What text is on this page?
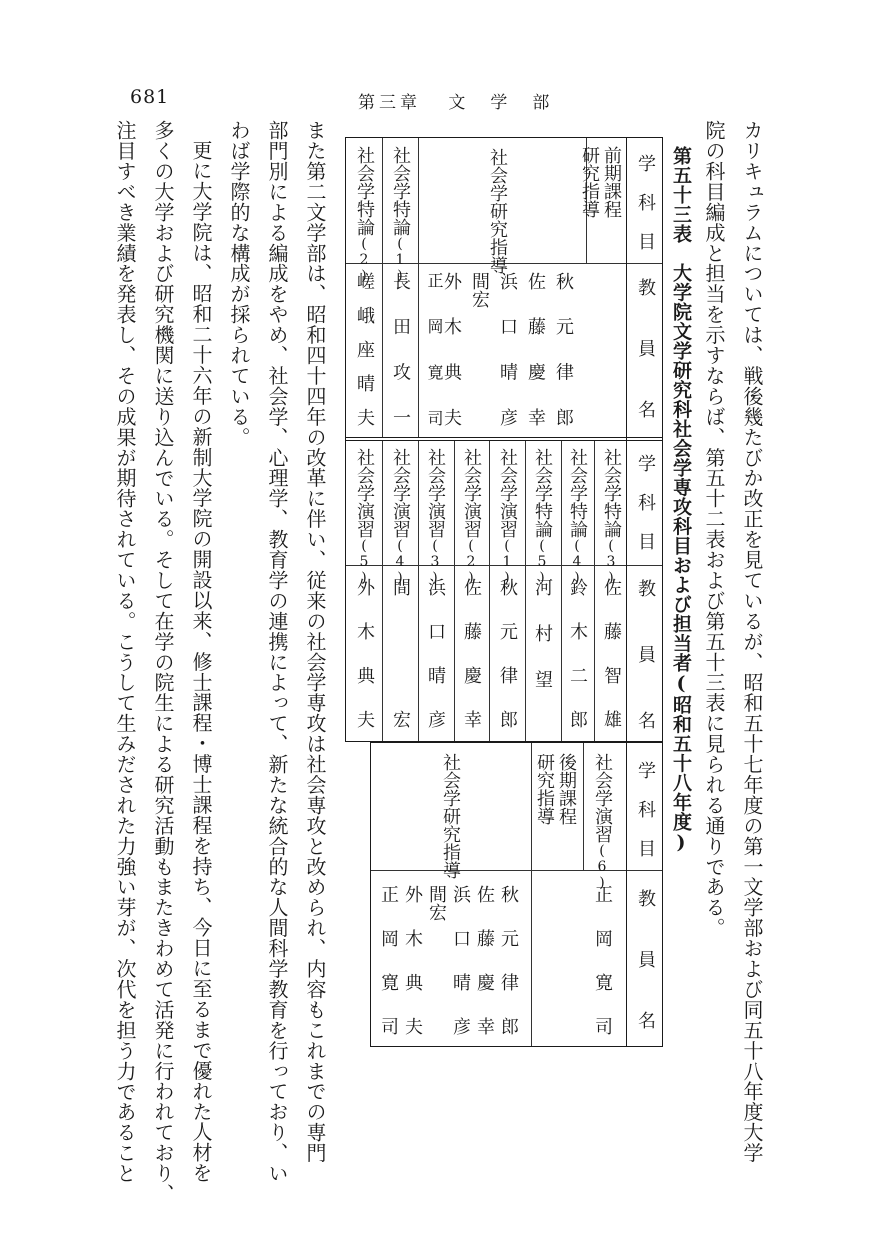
681	第三章 文　学　部
カリキュラムについては、戦後幾たびか改正を見ているが、昭和五十七年度の第一文学部および同五十八年度大学
院の科目編成と担当を示すならば、第五十二表および第五十三表に見られる通りである。
第五十三表　大学院文学研究科社会学専攻科目および担当者(昭和五十八年度)
学　科　目
教　員　名
学　科　目
教　員　名
前期課程
研究指導
社会学研究指導
秋元律郎
佐藤慶幸
浜口晴彦
間宏
外木典夫
正岡寛司
社会学特論(1)
長田攻一
社会学特論(2)
嵯峨座晴夫
社会学特論(3)
佐藤智雄
社会学特論(4)
鈴木二郎
社会学特論(5)
河村望
社会学演習(1)
秋元律郎
社会学演習(2)
佐藤慶幸
社会学演習(3)
浜口晴彦
社会学演習(4)
間宏
社会学演習(5)
外木典夫
学　科　目
教　員　名
社会学演習(6)
正岡寛司
後期課程
研究指導
社会学研究指導
秋元律郎
佐藤慶幸
浜口晴彦
間宏
外木典夫
正岡寛司
また第二文学部は、昭和四十四年の改革に伴い、従来の社会学専攻は社会専攻と改められ、内容もこれまでの専門
部門別による編成をやめ、社会学、心理学、教育学の連携によって、新たな統合的な人間科学教育を行っており、い
わば学際的な構成が採られている。
更に大学院は、昭和二十六年の新制大学院の開設以来、修士課程・博士課程を持ち、今日に至るまで優れた人材を
多くの大学および研究機関に送り込んでいる。そして在学の院生による研究活動もまたきわめて活発に行われており、
注目すべき業績を発表し、その成果が期待されている。こうして生みだされた力強い芽が、次代を担う力であること
